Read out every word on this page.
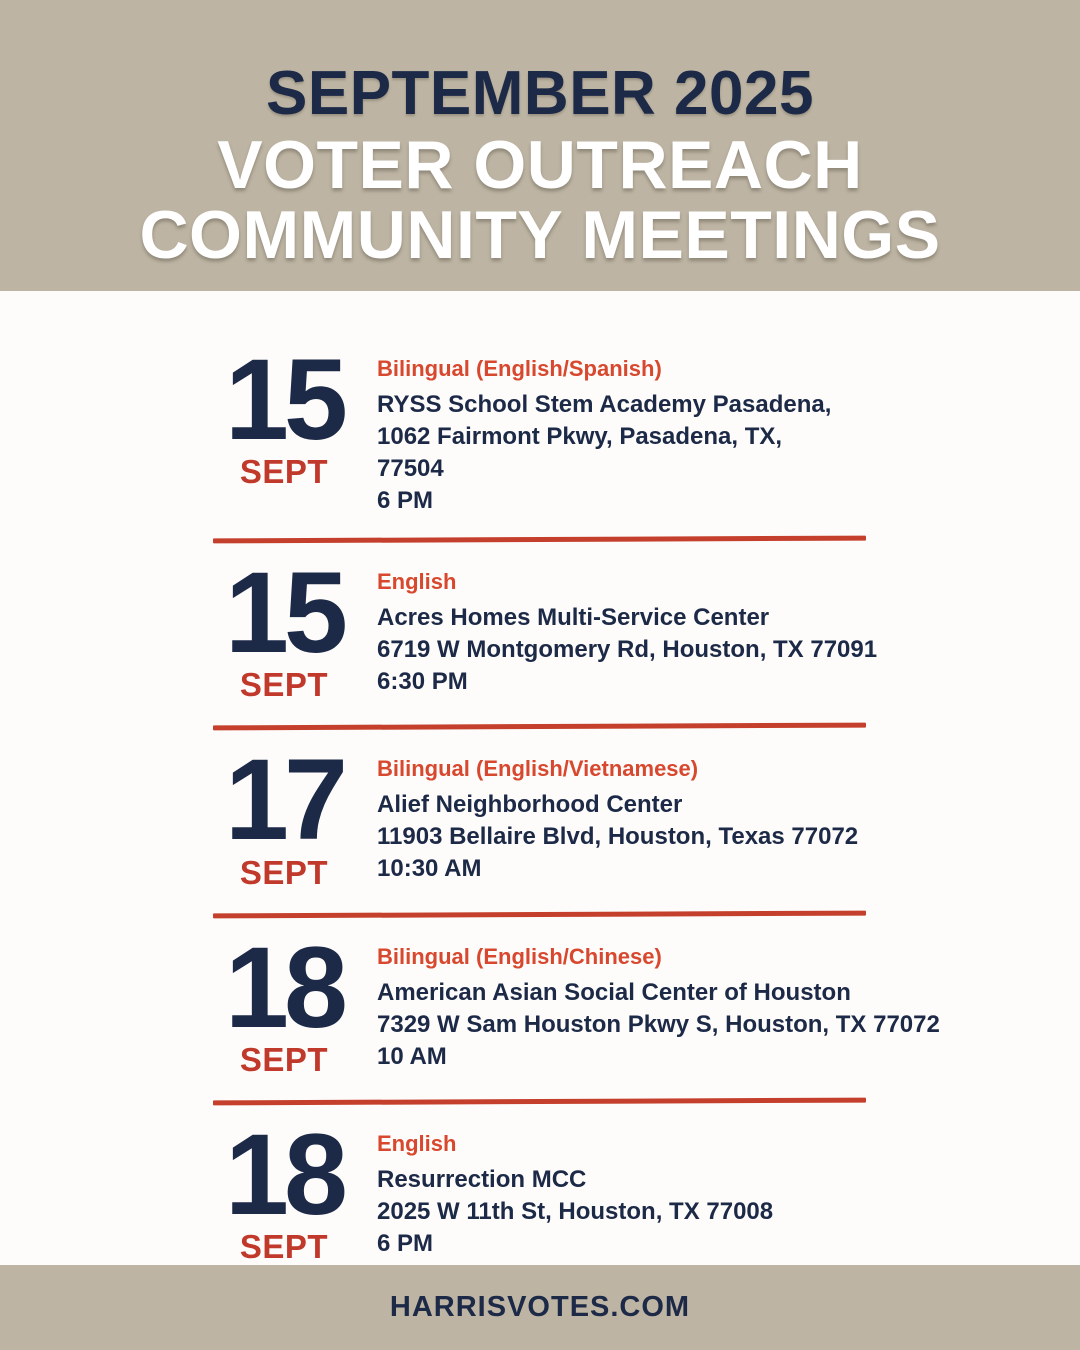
SEPTEMBER 2025
VOTER OUTREACH
COMMUNITY MEETINGS
15
SEPT
Bilingual (English/Spanish)
RYSS School Stem Academy Pasadena,
1062 Fairmont Pkwy, Pasadena, TX,
77504
6 PM
15
SEPT
English
Acres Homes Multi-Service Center
6719 W Montgomery Rd, Houston, TX 77091
6:30 PM
17
SEPT
Bilingual (English/Vietnamese)
Alief Neighborhood Center
11903 Bellaire Blvd, Houston, Texas 77072
10:30 AM
18
SEPT
Bilingual (English/Chinese)
American Asian Social Center of Houston
7329 W Sam Houston Pkwy S, Houston, TX 77072
10 AM
18
SEPT
English
Resurrection MCC
2025 W 11th St, Houston, TX 77008
6 PM
HARRISVOTES.COM
